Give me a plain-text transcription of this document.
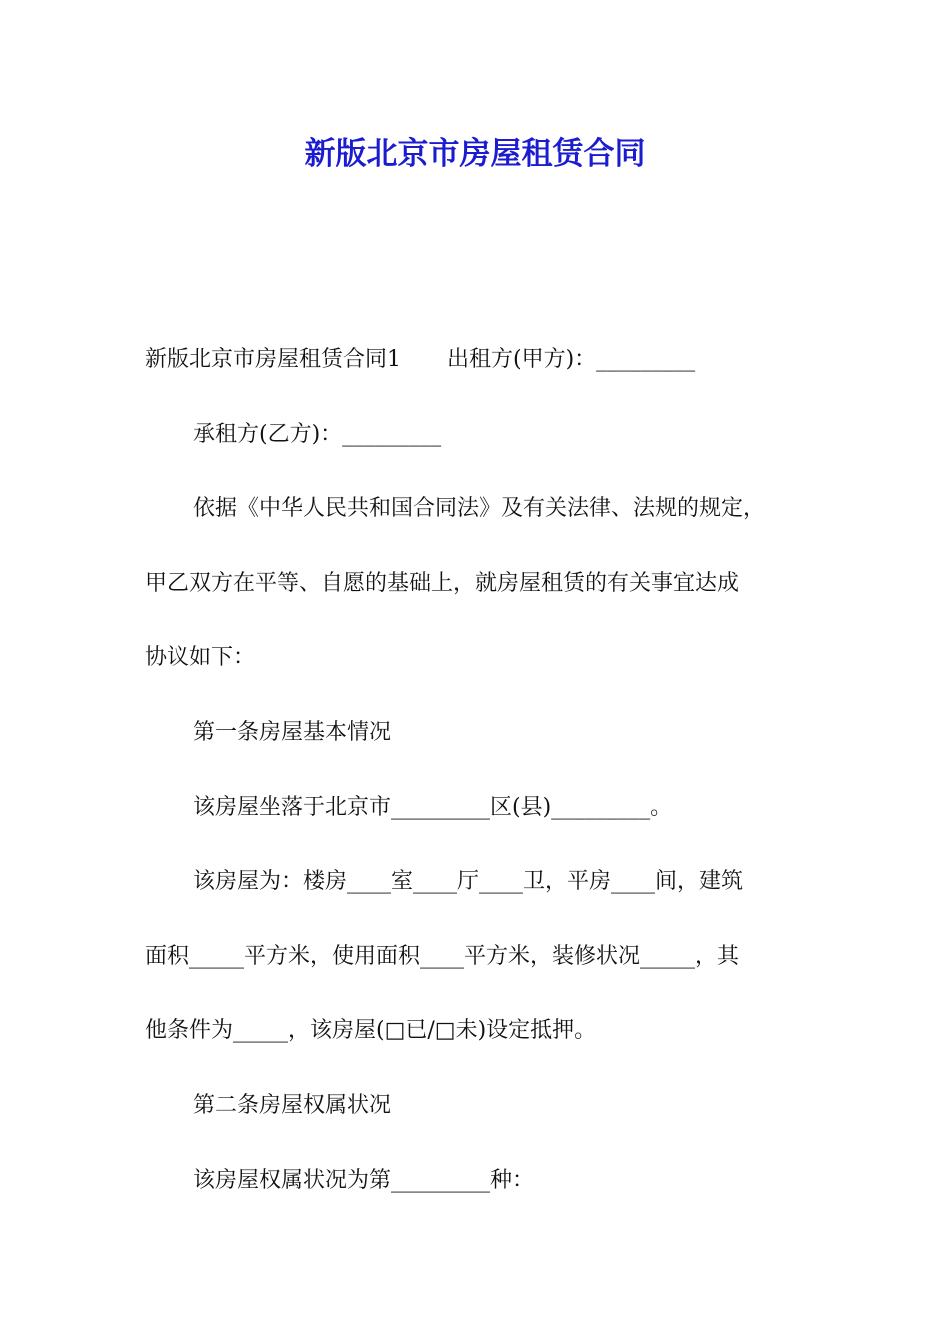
新版北京市房屋租赁合同
新版北京市房屋租赁合同1 出租方(甲方)：_________
承租方(乙方)：_________
依据《中华人民共和国合同法》及有关法律、法规的规定，
甲乙双方在平等、自愿的基础上，就房屋租赁的有关事宜达成
协议如下：
第一条房屋基本情况
该房屋坐落于北京市_________区(县)_________。
该房屋为：楼房____室____厅____卫，平房____间，建筑
面积_____平方米，使用面积____平方米，装修状况_____，其
他条件为_____，该房屋(□已/□未)设定抵押。
第二条房屋权属状况
该房屋权属状况为第_________种：
